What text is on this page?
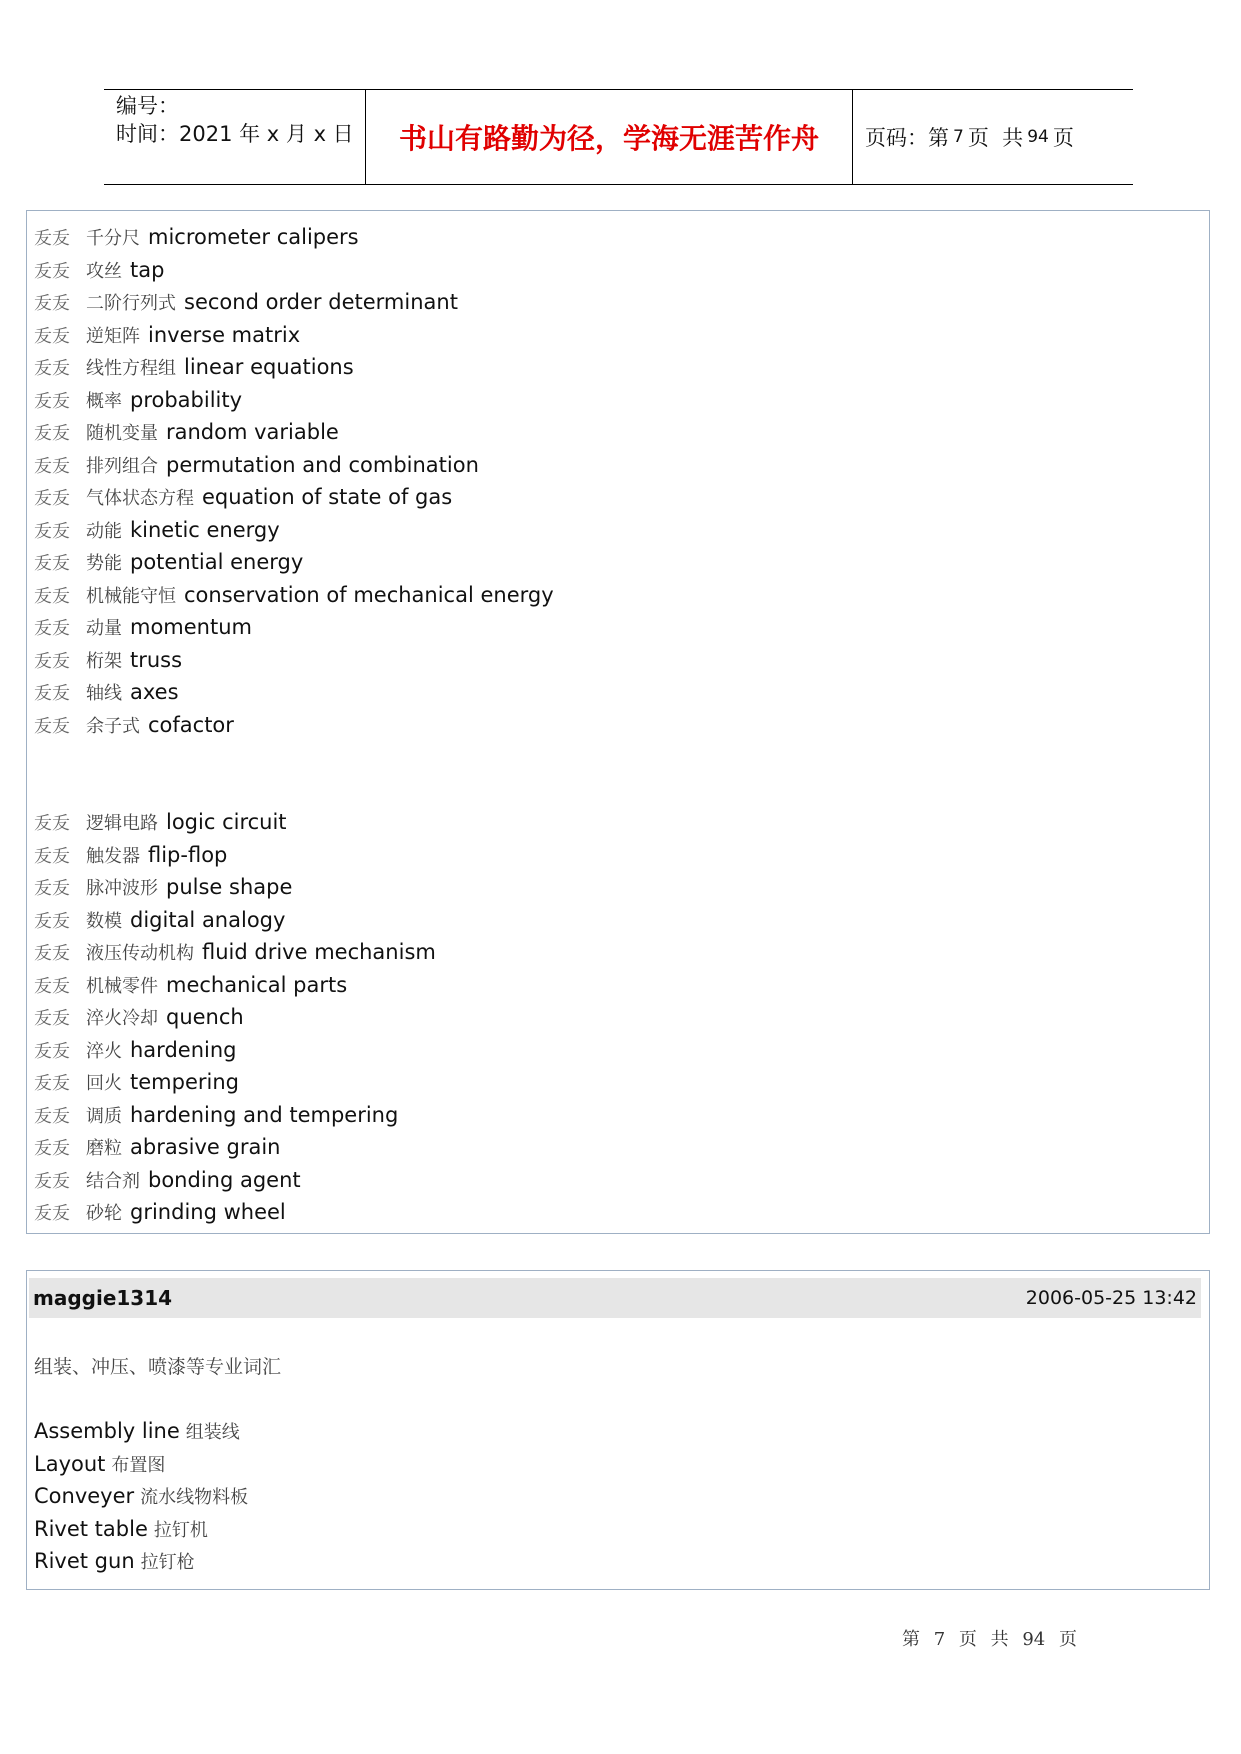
编号：
时间：2021 年 x 月 x 日	书山有路勤为径，学海无涯苦作舟 页码：第 7 页  共 94 页
叐叐 千分尺 micrometer calipers
叐叐 攻丝 tap
叐叐 二阶行列式 second order determinant
叐叐 逆矩阵 inverse matrix
叐叐 线性方程组 linear equations
叐叐 概率 probability
叐叐 随机变量 random variable
叐叐 排列组合 permutation and combination
叐叐 气体状态方程 equation of state of gas
叐叐 动能 kinetic energy
叐叐 势能 potential energy
叐叐 机械能守恒 conservation of mechanical energy
叐叐 动量 momentum
叐叐 桁架 truss
叐叐 轴线 axes
叐叐 余子式 cofactor
叐叐 逻辑电路 logic circuit
叐叐 触发器 flip-flop
叐叐 脉冲波形 pulse shape
叐叐 数模 digital analogy
叐叐 液压传动机构 fluid drive mechanism
叐叐 机械零件 mechanical parts
叐叐 淬火冷却 quench
叐叐 淬火 hardening
叐叐 回火 tempering
叐叐 调质 hardening and tempering
叐叐 磨粒 abrasive grain
叐叐 结合剂 bonding agent
叐叐 砂轮 grinding wheel
maggie1314	2006-05-25 13:42
组装、冲压、喷漆等专业词汇
Assembly line 组装线
Layout 布置图
Conveyer 流水线物料板
Rivet table 拉钉机
Rivet gun 拉钉枪
第 7 页 共 94 页
